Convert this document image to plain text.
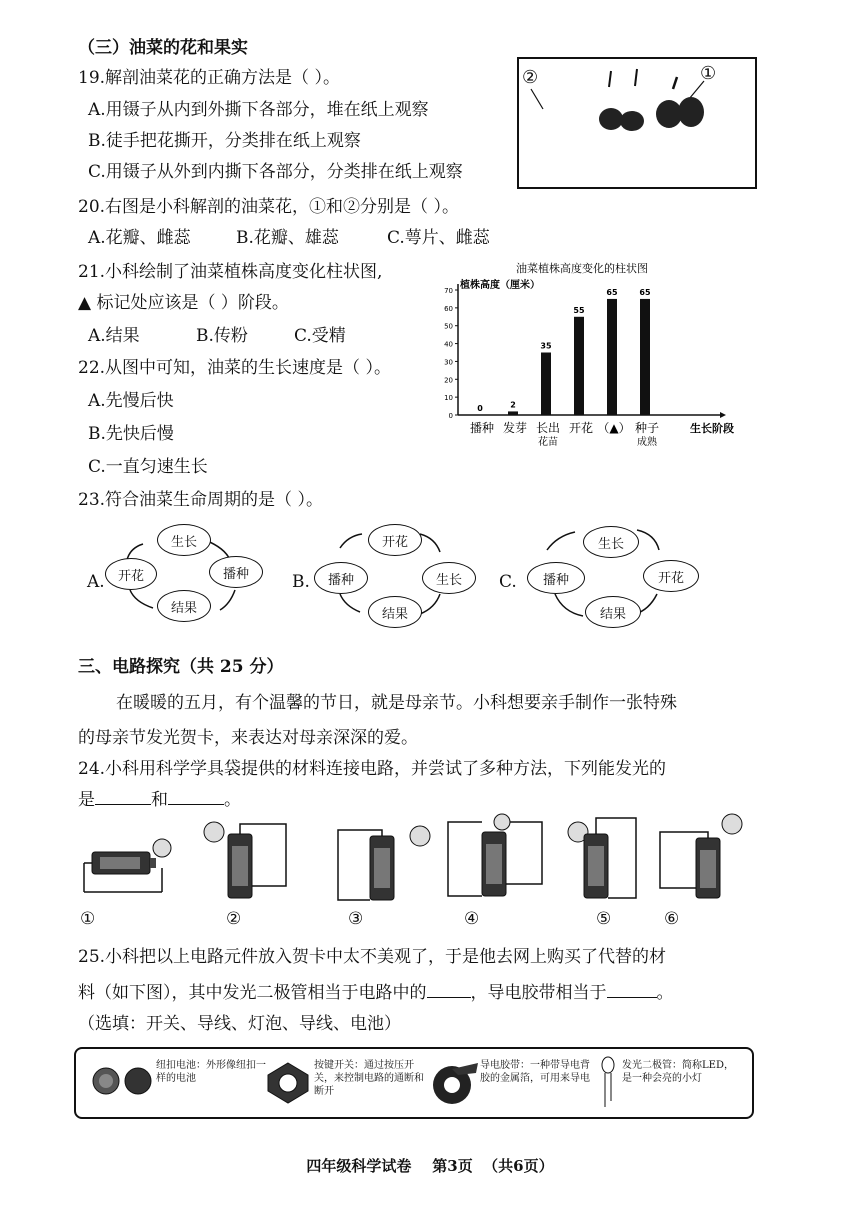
（三）油菜的花和果实
19.解剖油菜花的正确方法是（ ）。
A.用镊子从内到外撕下各部分，堆在纸上观察
B.徒手把花撕开，分类排在纸上观察
C.用镊子从外到内撕下各部分，分类排在纸上观察
②	①
20.右图是小科解剖的油菜花，①和②分别是（ ）。
A.花瓣、雌蕊	B.花瓣、雄蕊	C.萼片、雌蕊
21.小科绘制了油菜植株高度变化柱状图,
▲ 标记处应该是（ ）阶段。
A.结果	B.传粉	C.受精
油菜植株高度变化的柱状图
植株高度（厘米）
0
10
20
30
40
50
60
70
0
播种
2
发芽
35
长出
花苗
55
开花
65
（▲）
65
种子
成熟
生长阶段
22.从图中可知，油菜的生长速度是（ ）。
A.先慢后快
B.先快后慢
C.一直匀速生长
23.符合油菜生命周期的是（ ）。
A.
生长
开花	播种
结果
B.
开花
播种	生长
结果
C.
生长
播种	开花
结果
三、电路探究（共 25 分）
在暖暖的五月，有个温馨的节日，就是母亲节。小科想要亲手制作一张特殊
的母亲节发光贺卡，来表达对母亲深深的爱。
24.小科用科学学具袋提供的材料连接电路，并尝试了多种方法，下列能发光的
是	和	。
①	②	③	④	⑤	⑥
25.小科把以上电路元件放入贺卡中太不美观了，于是他去网上购买了代替的材
料（如下图），其中发光二极管相当于电路中的	，导电胶带相当于	。
（选填：开关、导线、灯泡、导线、电池）
纽扣电池：外形像纽扣一样的电池
按键开关：通过按压开关，来控制电路的通断和断开
导电胶带：一种带导电背胶的金属箔，可用来导电
发光二极管：简称LED，是一种会亮的小灯
四年级科学试卷    第3页  （共6页）
